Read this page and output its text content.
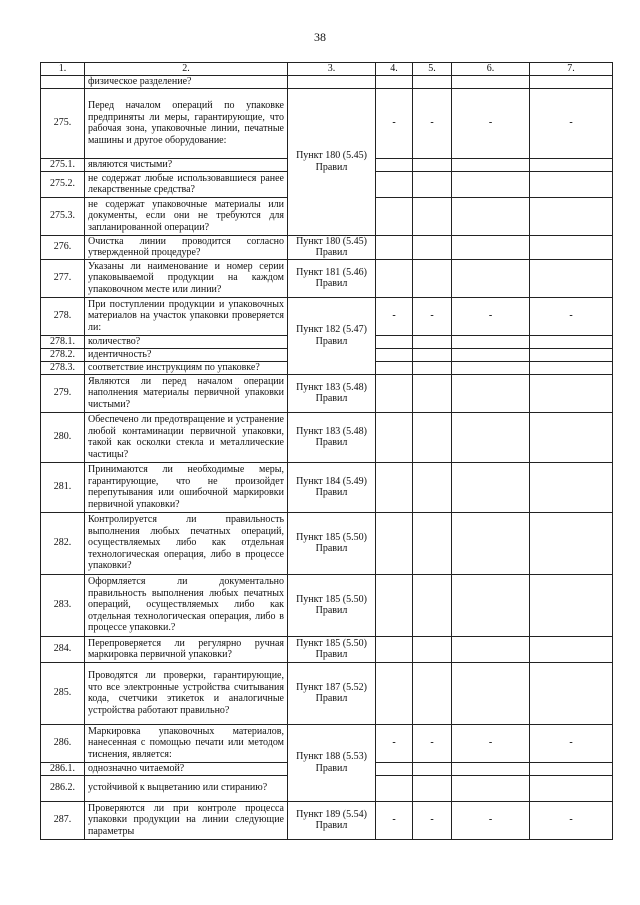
38
1.	2.	3.	4.	5.	6.	7.
	физическое разделение?					
275.	Перед началом операций по упаковке предприняты ли меры, гарантирующие, что рабочая зона, упаковочные линии, печатные машины и другое оборудование:	Пункт 180 (5.45) Правил	-	-	-	-
275.1.	являются чистыми?					
275.2.	не содержат любые использовавшиеся ранее лекарственные средства?					
275.3.	не содержат упаковочные материалы или документы, если они не требуются для запланированной операции?					
276.	Очистка линии проводится согласно утвержденной процедуре?	Пункт 180 (5.45) Правил				
277.	Указаны ли наименование и номер серии упаковываемой продукции на каждом упаковочном месте или линии?	Пункт 181 (5.46) Правил				
278.	При поступлении продукции и упаковочных материалов на участок упаковки проверяется ли:	Пункт 182 (5.47) Правил	-	-	-	-
278.1.	количество?					
278.2.	идентичность?					
278.3.	соответствие инструкциям по упаковке?					
279.	Являются ли перед началом операции наполнения материалы первичной упаковки чистыми?	Пункт 183 (5.48) Правил				
280.	Обеспечено ли предотвращение и устранение любой контаминации первичной упаковки, такой как осколки стекла и металлические частицы?	Пункт 183 (5.48) Правил				
281.	Принимаются ли необходимые меры, гарантирующие, что не произойдет перепутывания или ошибочной маркировки первичной упаковки?	Пункт 184 (5.49) Правил				
282.	Контролируется ли правильность выполнения любых печатных операций, осуществляемых либо как отдельная технологическая операция, либо в процессе упаковки?	Пункт 185 (5.50) Правил				
283.	Оформляется ли документально правильность выполнения любых печатных операций, осуществляемых либо как отдельная технологическая операция, либо в процессе упаковки.?	Пункт 185 (5.50) Правил				
284.	Перепроверяется ли регулярно ручная маркировка первичной упаковки?	Пункт 185 (5.50) Правил				
285.	Проводятся ли проверки, гарантирующие, что все электронные устройства считывания кода, счетчики этикеток и аналогичные устройства работают правильно?	Пункт 187 (5.52) Правил				
286.	Маркировка упаковочных материалов, нанесенная с помощью печати или методом тиснения, является:	Пункт 188 (5.53) Правил	-	-	-	-
286.1.	однозначно читаемой?					
286.2.	устойчивой к выцветанию или стиранию?					
287.	Проверяются ли при контроле процесса упаковки продукции на линии следующие параметры	Пункт 189 (5.54) Правил	-	-	-	-
